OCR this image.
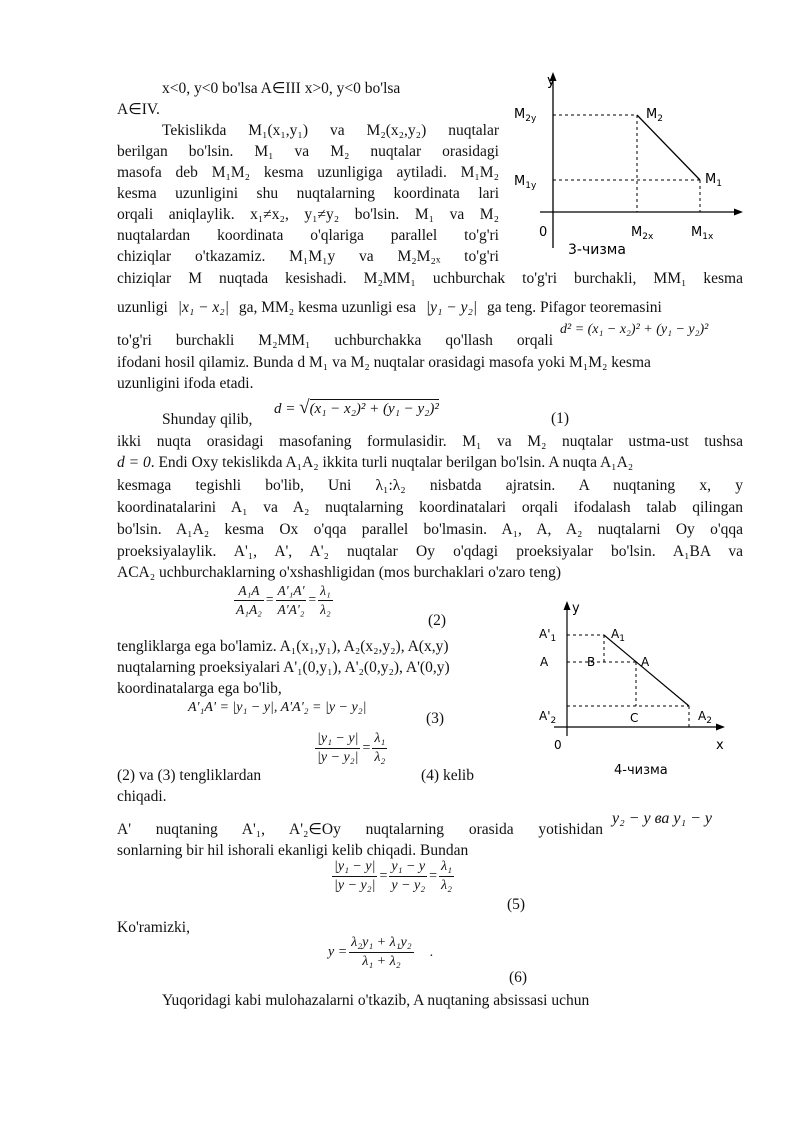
y
$M_{2y}$
$M_{1y}$
0	$M_{2x}$	$M_{1x}$
$M_2$
$M_1$
3-чизма
y
x
$A'_1$
A
$A'_2$
0
$A_1$
B	A
C	$A_2$
4-чизма
x<0, y<0 bo'lsa A∈III x>0, y<0 bo'lsa
A∈IV.
Tekislikda M₁(x₁,y₁) va M₂(x₂,y₂) nuqtalar
berilgan bo'lsin. M₁ va M₂ nuqtalar orasidagi
masofa deb M₁M₂ kesma uzunligiga aytiladi. M₁M₂
kesma uzunligini shu nuqtalarning koordinata lari
orqali aniqlaylik. x₁≠x₂, y₁≠y₂ bo'lsin. M₁ va M₂
nuqtalardan koordinata o'qlariga parallel to'g'ri
chiziqlar o'tkazamiz. M₁M₁y va M₂M₂ₓ to'g'ri
chiziqlar M nuqtada kesishadi. M₂MM₁ uchburchak to'g'ri burchakli, MM₁ kesma
uzunligi |x₁ − x₂| ga, MM₂ kesma uzunligi esa |y₁ − y₂| ga teng. Pifagor teoremasini
to'g'ri burchakli M₂MM₁ uchburchakka qo'llash orqali
d² = (x₁ − x₂)² + (y₁ − y₂)²
ifodani hosil qilamiz. Bunda d M₁ va M₂ nuqtalar orasidagi masofa yoki M₁M₂ kesma
uzunligini ifoda etadi.
Shunday qilib,
d = √(x₁ − x₂)² + (y₁ − y₂)²
(1)
ikki nuqta orasidagi masofaning formulasidir. M₁ va M₂ nuqtalar ustma-ust tushsa
d = 0. Endi Oxy tekislikda A₁A₂ ikkita turli nuqtalar berilgan bo'lsin. A nuqta A₁A₂
kesmaga tegishli bo'lib, Uni λ₁:λ₂ nisbatda ajratsin. A nuqtaning x, y
koordinatalarini A₁ va A₂ nuqtalarning koordinatalari orqali ifodalash talab qilingan
bo'lsin. A₁A₂ kesma Ox o'qqa parallel bo'lmasin. A₁, A, A₂ nuqtalarni Oy o'qqa
proeksiyalaylik. A'₁, A', A'₂ nuqtalar Oy o'qdagi proeksiyalar bo'lsin. A₁BA va
ACA₂ uchburchaklarning o'xshashligidan (mos burchaklari o'zaro teng)
$\frac{\text{A₁A}}{\text{A₁A₂}} = \frac{\text{A'₁A'}}{\text{A'A'₂}} = \frac{\text{λ₁}}{\text{λ₂}}$
(2)
tengliklarga ega bo'lamiz. A₁(x₁,y₁), A₂(x₂,y₂), A(x,y)
nuqtalarning proeksiyalari A'₁(0,y₁), A'₂(0,y₂), A'(0,y)
koordinatalarga ega bo'lib,
A'₁A' = |y₁ − y|, A'A'₂ = |y − y₂|
(3)
$\frac{\text{|y₁ − y|}}{\text{|y − y₂|}} = \frac{\text{λ₁}}{\text{λ₂}}$
(2) va (3) tengliklardan	(4) kelib
chiqadi.
A' nuqtaning A'₁, A'₂∈Oy nuqtalarning orasida yotishidan
y₂ − y ва y₁ − y
sonlarning bir hil ishorali ekanligi kelib chiqadi. Bundan
$\frac{\text{|y₁ − y|}}{\text{|y − y₂|}} = \frac{\text{y₁ − y}}{\text{y − y₂}} = \frac{\text{λ₁}}{\text{λ₂}}$
(5)
Ko'ramizki,
$y = \frac{\text{λ₂y₁ + λ₁y₂}}{\text{λ₁ + λ₂}}$ .
(6)
Yuqoridagi kabi mulohazalarni o'tkazib, A nuqtaning absissasi uchun
